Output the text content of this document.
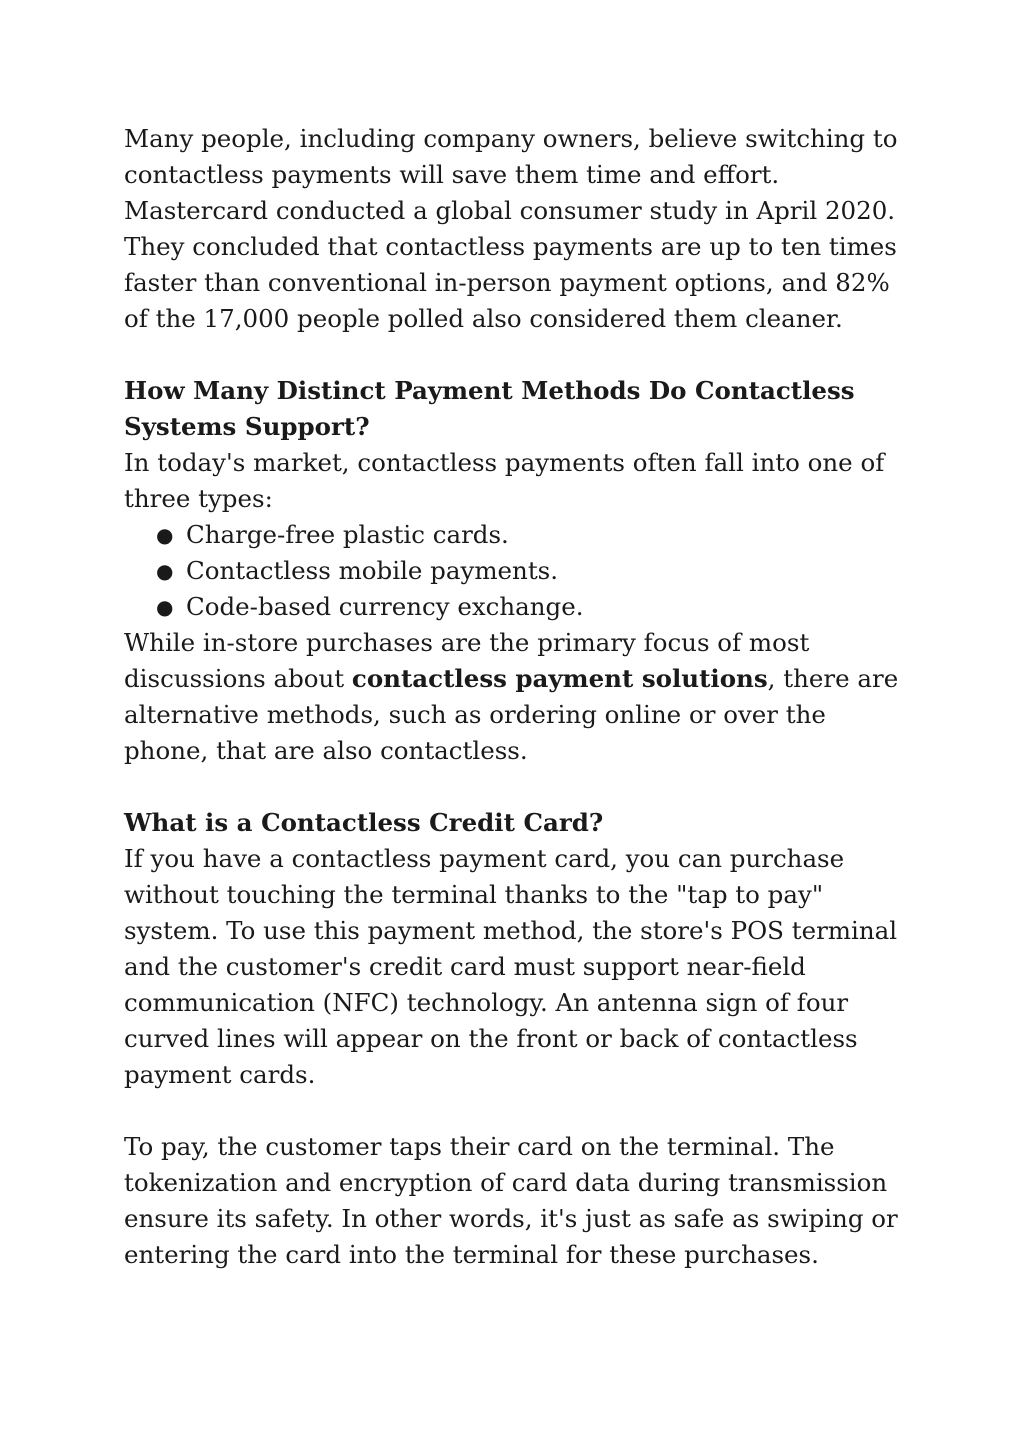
Many people, including company owners, believe switching to contactless payments will save them time and effort. Mastercard conducted a global consumer study in April 2020. They concluded that contactless payments are up to ten times faster than conventional in-person payment options, and 82% of the 17,000 people polled also considered them cleaner.

How Many Distinct Payment Methods Do Contactless Systems Support?

In today's market, contactless payments often fall into one of three types:

● Charge-free plastic cards.
● Contactless mobile payments.
● Code-based currency exchange.

While in-store purchases are the primary focus of most discussions about contactless payment solutions, there are alternative methods, such as ordering online or over the phone, that are also contactless.

What is a Contactless Credit Card?

If you have a contactless payment card, you can purchase without touching the terminal thanks to the "tap to pay" system. To use this payment method, the store's POS terminal and the customer's credit card must support near-field communication (NFC) technology. An antenna sign of four curved lines will appear on the front or back of contactless payment cards.

To pay, the customer taps their card on the terminal. The tokenization and encryption of card data during transmission ensure its safety. In other words, it's just as safe as swiping or entering the card into the terminal for these purchases.
